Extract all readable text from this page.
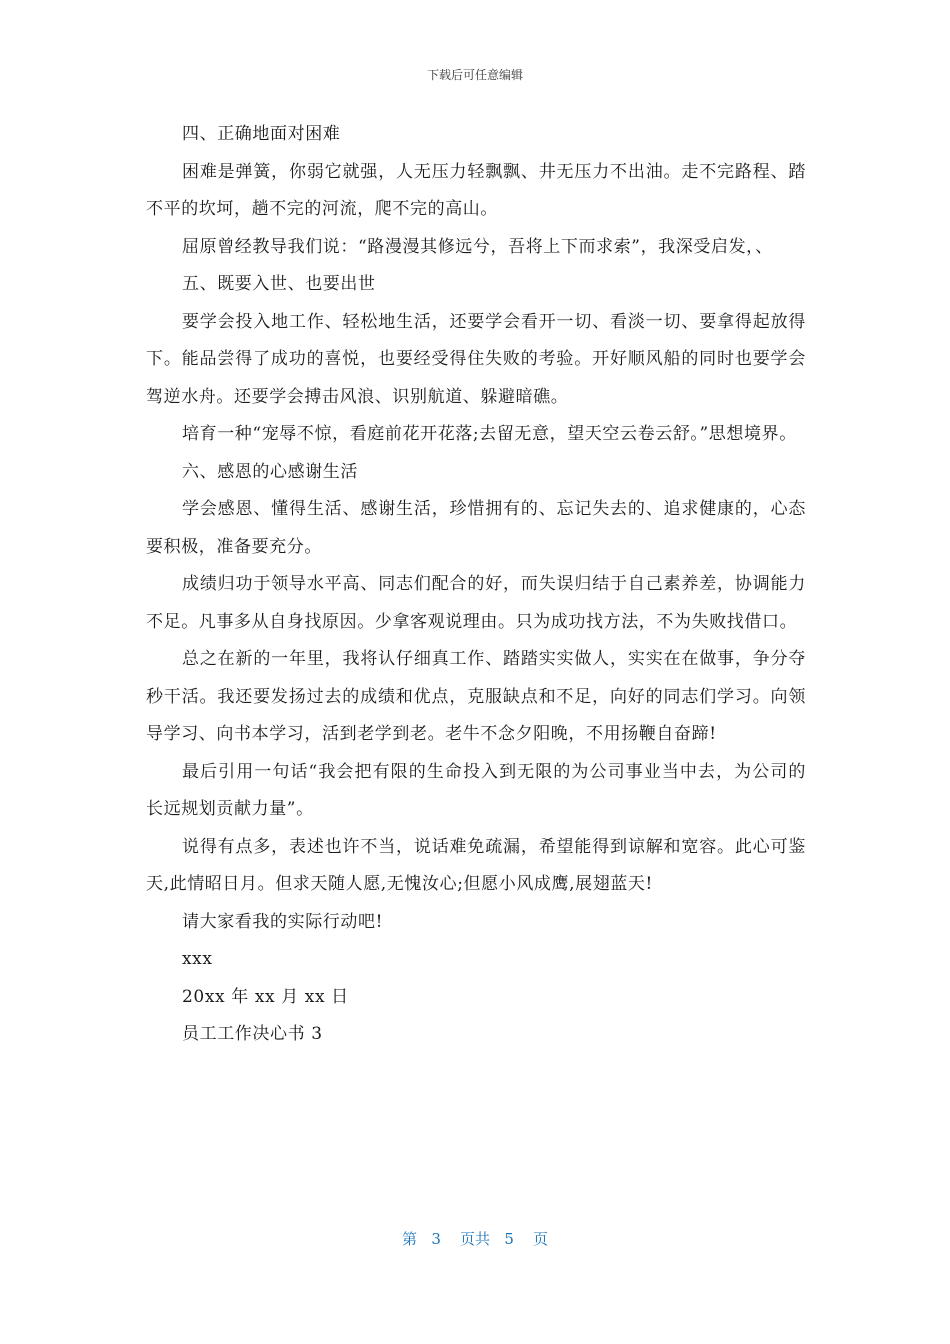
下载后可任意编辑

四、正确地面对困难

困难是弹簧，你弱它就强，人无压力轻飘飘、井无压力不出油。走不完路程、踏不平的坎坷，趟不完的河流，爬不完的高山。

屈原曾经教导我们说：“路漫漫其修远兮，吾将上下而求索”，我深受启发，、

五、既要入世、也要出世

要学会投入地工作、轻松地生活，还要学会看开一切、看淡一切、要拿得起放得下。能品尝得了成功的喜悦，也要经受得住失败的考验。开好顺风船的同时也要学会驾逆水舟。还要学会搏击风浪、识别航道、躲避暗礁。

培育一种“宠辱不惊，看庭前花开花落;去留无意，望天空云卷云舒。”思想境界。

六、感恩的心感谢生活

学会感恩、懂得生活、感谢生活，珍惜拥有的、忘记失去的、追求健康的，心态要积极，准备要充分。

成绩归功于领导水平高、同志们配合的好，而失误归结于自己素养差，协调能力不足。凡事多从自身找原因。少拿客观说理由。只为成功找方法，不为失败找借口。

总之在新的一年里，我将认仔细真工作、踏踏实实做人，实实在在做事，争分夺秒干活。我还要发扬过去的成绩和优点，克服缺点和不足，向好的同志们学习。向领导学习、向书本学习，活到老学到老。老牛不念夕阳晚，不用扬鞭自奋蹄!

最后引用一句话“我会把有限的生命投入到无限的为公司事业当中去，为公司的长远规划贡献力量”。

说得有点多，表述也许不当，说话难免疏漏，希望能得到谅解和宽容。此心可鉴天,此情昭日月。但求天随人愿,无愧汝心;但愿小风成鹰,展翅蓝天!

请大家看我的实际行动吧!

xxx

20xx 年 xx 月 xx 日

员工工作决心书 3

第 3 页共 5 页
